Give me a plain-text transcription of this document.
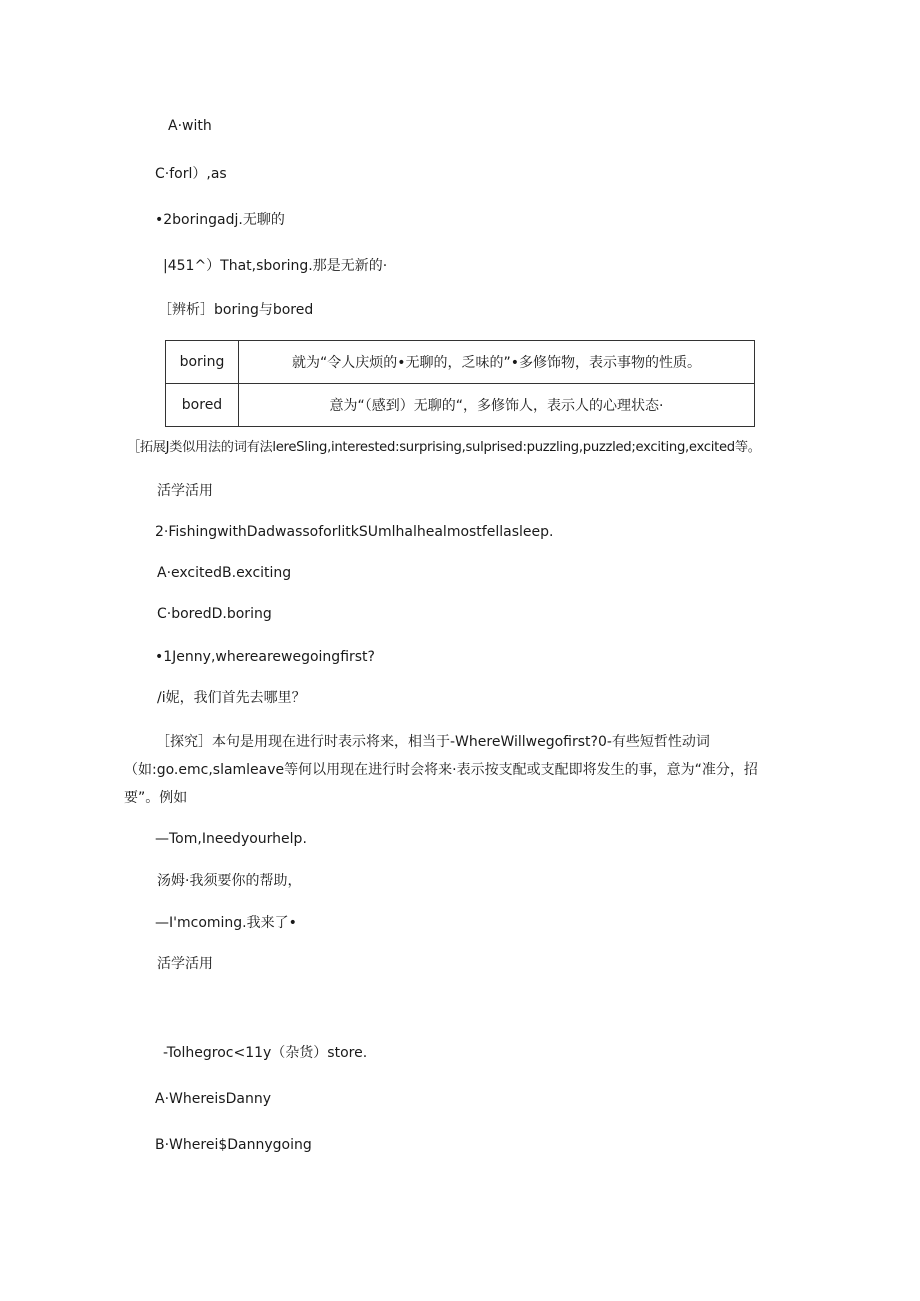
A·with
C·forl）,as
•2boringadj.无聊的
|451^）That,sboring.那是无新的·
［辨析］boring与bored
boring	就为“令人庆烦的•无聊的，乏味的”•多修饰物，表示事物的性质。
bored	意为“（感到）无聊的“，多修饰人，表示人的心理状态·
［拓展J类似用法的词有法lereSling,interested:surprising,sulprised:puzzling,puzzled;exciting,excited等。
活学活用
2·FishingwithDadwassoforlitkSUmlhalhealmostfellasleep.
A·excitedB.exciting
C·boredD.boring
•1Jenny,wherearewegoingfirst?
/i妮，我们首先去哪里？
［探究］本句是用现在进行时表示将来，相当于-WhereWillwegofirst?0-有些短哲性动词（如:go.emc,slamleave等何以用现在进行时会将来·表示按支配或支配即将发生的事，意为“准分，招要”。例如
—Tom,Ineedyourhelp.
汤姆·我须要你的帮助，
—I'mcoming.我来了•
活学活用
-Tolhegroc<11y（杂货）store.
A·WhereisDanny
B·Wherei$Dannygoing
